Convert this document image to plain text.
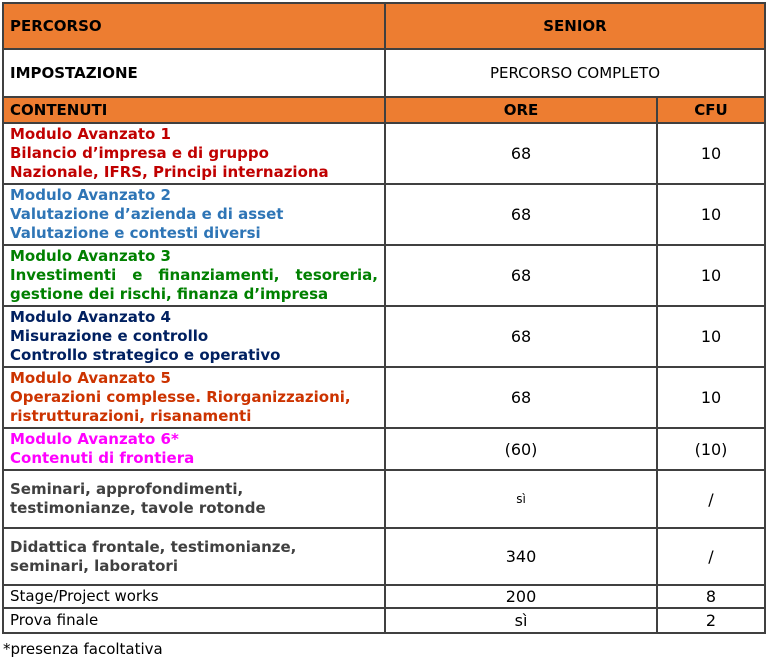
PERCORSO	SENIOR	
IMPOSTAZIONE	PERCORSO COMPLETO	
CONTENUTI	ORE	CFU

Modulo Avanzato 1
Bilancio d’impresa e di gruppo
Nazionale, IFRS, Principi internaziona	68	10

Modulo Avanzato 2
Valutazione d’azienda e di asset
Valutazione e contesti diversi	68	10

Modulo Avanzato 3
Investimenti e finanziamenti, tesoreria,
gestione dei rischi, finanza d’impresa	68	10

Modulo Avanzato 4
Misurazione e controllo
Controllo strategico e operativo	68	10

Modulo Avanzato 5
Operazioni complesse. Riorganizzazioni,
ristrutturazioni, risanamenti	68	10

Modulo Avanzato 6*
Contenuti di frontiera	(60)	(10)

Seminari, approfondimenti,
testimonianze, tavole rotonde	sì	/

Didattica frontale, testimonianze,
seminari, laboratori	340	/

Stage/Project works	200	8

Prova finale	sì	2
*presenza facoltativa
